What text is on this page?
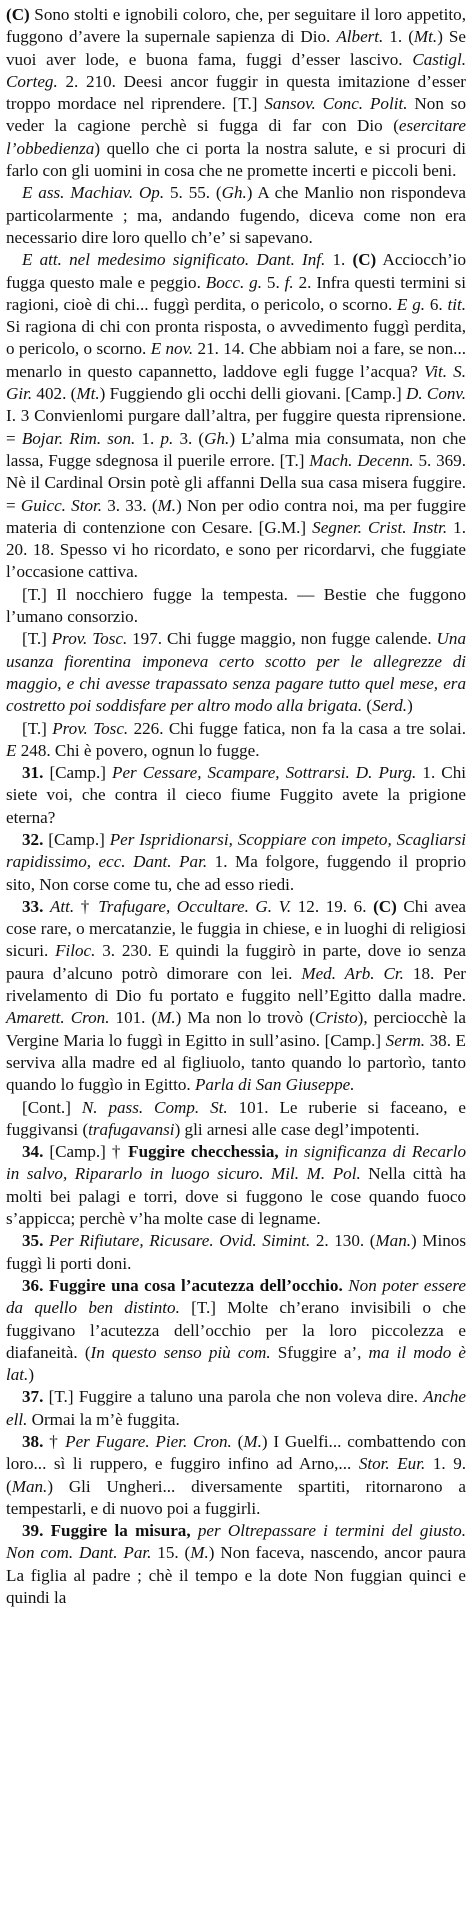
(C) Sono stolti e ignobili coloro, che, per seguitare il loro appetito, fuggono d’avere la supernale sapienza di Dio. Albert. 1. (Mt.) Se vuoi aver lode, e buona fama, fuggi d’esser lascivo. Castigl. Corteg. 2. 210. Deesi ancor fuggir in questa imitazione d’esser troppo mordace nel riprendere. [T.] Sansov. Conc. Polit. Non so veder la cagione perchè si fugga di far con Dio (esercitare l’obbedienza) quello che ci porta la nostra salute, e si procuri di farlo con gli uomini in cosa che ne promette incerti e piccoli beni.

E ass. Machiav. Op. 5. 55. (Gh.) A che Manlio non rispondeva particolarmente ; ma, andando fugendo, diceva come non era necessario dire loro quello ch’e’ si sapevano.

E att. nel medesimo significato. Dant. Inf. 1. (C) Acciocch’io fugga questo male e peggio. Bocc. g. 5. f. 2. Infra questi termini si ragioni, cioè di chi... fuggì perdita, o pericolo, o scorno. E g. 6. tit. Si ragiona di chi con pronta risposta, o avvedimento fuggì perdita, o pericolo, o scorno. E nov. 21. 14. Che abbiam noi a fare, se non... menarlo in questo capannetto, laddove egli fugge l’acqua? Vit. S. Gir. 402. (Mt.) Fuggiendo gli occhi delli giovani. [Camp.] D. Conv. I. 3 Convienlomi purgare dall’altra, per fuggire questa riprensione. = Bojar. Rim. son. 1. p. 3. (Gh.) L’alma mia consumata, non che lassa, Fugge sdegnosa il puerile errore. [T.] Mach. Decenn. 5. 369. Nè il Cardinal Orsin potè gli affanni Della sua casa misera fuggire. = Guicc. Stor. 3. 33. (M.) Non per odio contra noi, ma per fuggire materia di contenzione con Cesare. [G.M.] Segner. Crist. Instr. 1. 20. 18. Spesso vi ho ricordato, e sono per ricordarvi, che fuggiate l’occasione cattiva.

[T.] Il nocchiero fugge la tempesta. — Bestie che fuggono l’umano consorzio.

[T.] Prov. Tosc. 197. Chi fugge maggio, non fugge calende. Una usanza fiorentina imponeva certo scotto per le allegrezze di maggio, e chi avesse trapassato senza pagare tutto quel mese, era costretto poi soddisfare per altro modo alla brigata. (Serd.)

[T.] Prov. Tosc. 226. Chi fugge fatica, non fa la casa a tre solai. E 248. Chi è povero, ognun lo fugge.

31. [Camp.] Per Cessare, Scampare, Sottrarsi. D. Purg. 1. Chi siete voi, che contra il cieco fiume Fuggito avete la prigione eterna?

32. [Camp.] Per Ispridionarsi, Scoppiare con impeto, Scagliarsi rapidissimo, ecc. Dant. Par. 1. Ma folgore, fuggendo il proprio sito, Non corse come tu, che ad esso riedi.

33. Att. † Trafugare, Occultare. G. V. 12. 19. 6. (C) Chi avea cose rare, o mercatanzie, le fuggia in chiese, e in luoghi di religiosi sicuri. Filoc. 3. 230. E quindi la fuggirò in parte, dove io senza paura d’alcuno potrò dimorare con lei. Med. Arb. Cr. 18. Per rivelamento di Dio fu portato e fuggito nell’Egitto dalla madre. Amarett. Cron. 101. (M.) Ma non lo trovò (Cristo), perciocchè la Vergine Maria lo fuggì in Egitto in sull’asino. [Camp.] Serm. 38. E serviva alla madre ed al figliuolo, tanto quando lo partorìo, tanto quando lo fuggìo in Egitto. Parla di San Giuseppe.

[Cont.] N. pass. Comp. St. 101. Le ruberie si faceano, e fuggivansi (trafugavansi) gli arnesi alle case degl’impotenti.

34. [Camp.] † Fuggire checchessia, in significanza di Recarlo in salvo, Ripararlo in luogo sicuro. Mil. M. Pol. Nella città ha molti bei palagi e torri, dove si fuggono le cose quando fuoco s’appicca; perchè v’ha molte case di legname.

35. Per Rifiutare, Ricusare. Ovid. Simint. 2. 130. (Man.) Minos fuggì li porti doni.

36. Fuggire una cosa l’acutezza dell’occhio. Non poter essere da quello ben distinto. [T.] Molte ch’erano invisibili o che fuggivano l’acutezza dell’occhio per la loro piccolezza e diafaneità. (In questo senso più com. Sfuggire a’, ma il modo è lat.)

37. [T.] Fuggire a taluno una parola che non voleva dire. Anche ell. Ormai la m’è fuggita.

38. † Per Fugare. Pier. Cron. (M.) I Guelfi... combattendo con loro... sì li ruppero, e fuggiro infino ad Arno,... Stor. Eur. 1. 9. (Man.) Gli Ungheri... diversamente spartiti, ritornarono a tempestarli, e di nuovo poi a fuggirli.

39. Fuggire la misura, per Oltrepassare i termini del giusto. Non com. Dant. Par. 15. (M.) Non faceva, nascendo, ancor paura La figlia al padre ; chè il tempo e la dote Non fuggian quinci e quindi la
